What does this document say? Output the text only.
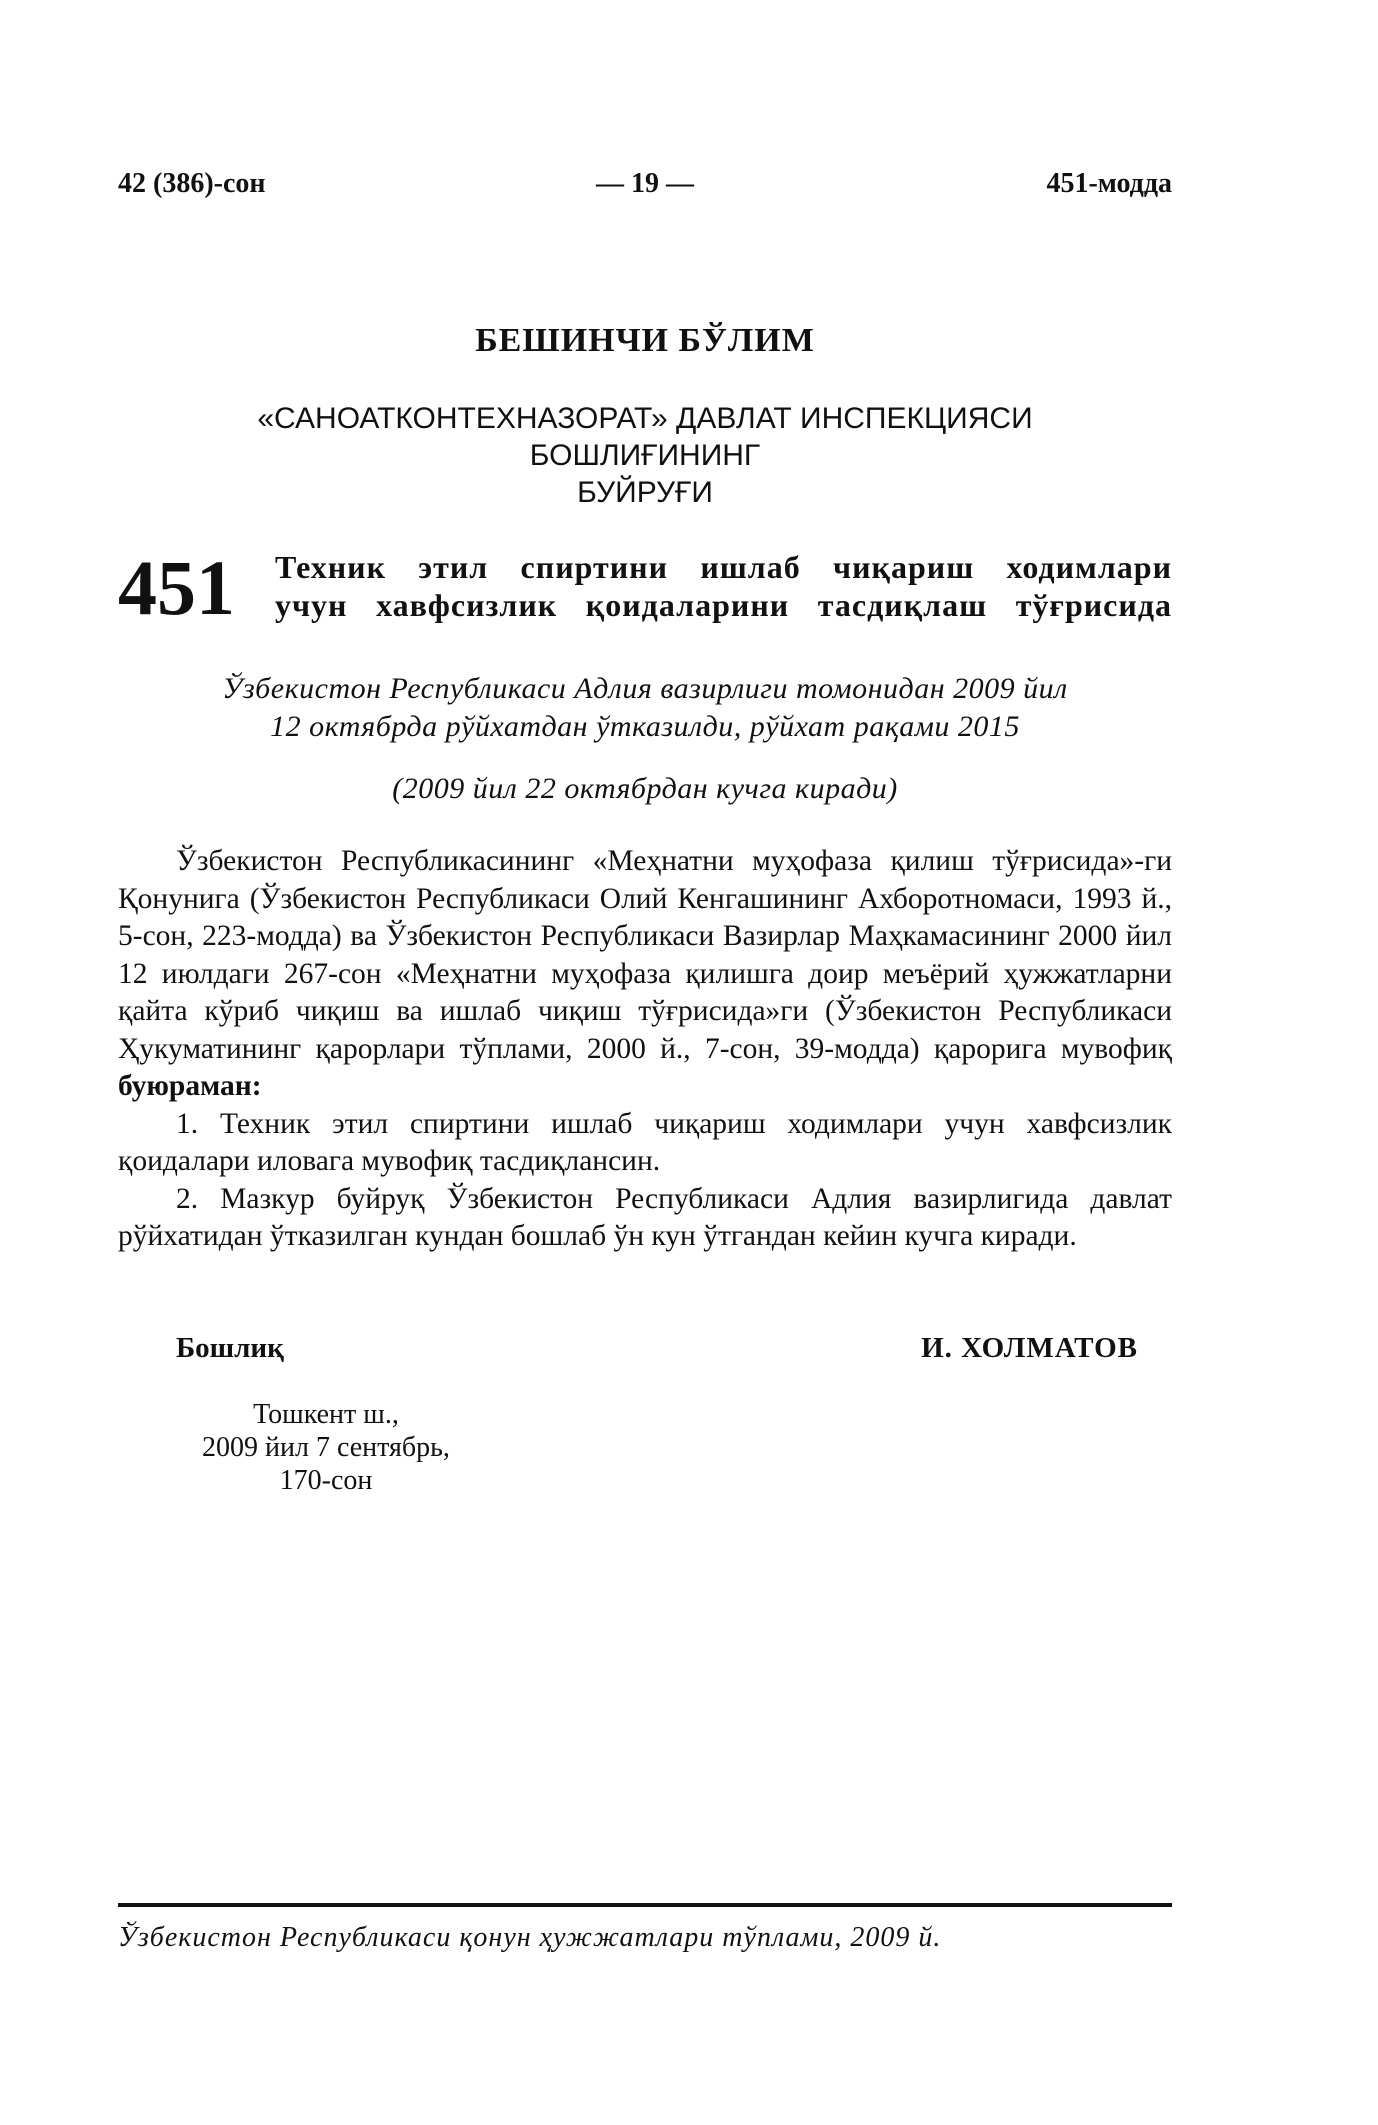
42 (386)-сон	— 19 —	451-модда
БЕШИНЧИ БЎЛИМ
«САНОАТКОНТЕХНАЗОРАТ» ДАВЛАТ ИНСПЕКЦИЯСИ
БОШЛИҒИНИНГ
БУЙРУҒИ
451 Техник этил спиртини ишлаб чиқариш ходимлари
учун хавфсизлик қоидаларини тасдиқлаш тўғрисида
Ўзбекистон Республикаси Адлия вазирлиги томонидан 2009 йил
12 октябрда рўйхатдан ўтказилди, рўйхат рақами 2015
(2009 йил 22 октябрдан кучга киради)

Ўзбекистон Республикасининг «Меҳнатни муҳофаза қилиш тўғрисида»-ги Қонунига (Ўзбекистон Республикаси Олий Кенгашининг Ахборотномаси, 1993 й., 5-сон, 223-модда) ва Ўзбекистон Республикаси Вазирлар Маҳкамасининг 2000 йил 12 июлдаги 267-сон «Меҳнатни муҳофаза қилишга доир меъёрий ҳужжатларни қайта кўриб чиқиш ва ишлаб чиқиш тўғрисида»ги (Ўзбекистон Республикаси Ҳукуматининг қарорлари тўплами, 2000 й., 7-сон, 39-модда) қарорига мувофиқ буюраман:

1. Техник этил спиртини ишлаб чиқариш ходимлари учун хавфсизлик қоидалари иловага мувофиқ тасдиқлансин.

2. Мазкур буйруқ Ўзбекистон Республикаси Адлия вазирлигида давлат рўйхатидан ўтказилган кундан бошлаб ўн кун ўтгандан кейин кучга киради.

Бошлиқ	И. ХОЛМАТОВ
Тошкент ш.,
2009 йил 7 сентябрь,
170-сон
Ўзбекистон Республикаси қонун ҳужжатлари тўплами, 2009 й.
